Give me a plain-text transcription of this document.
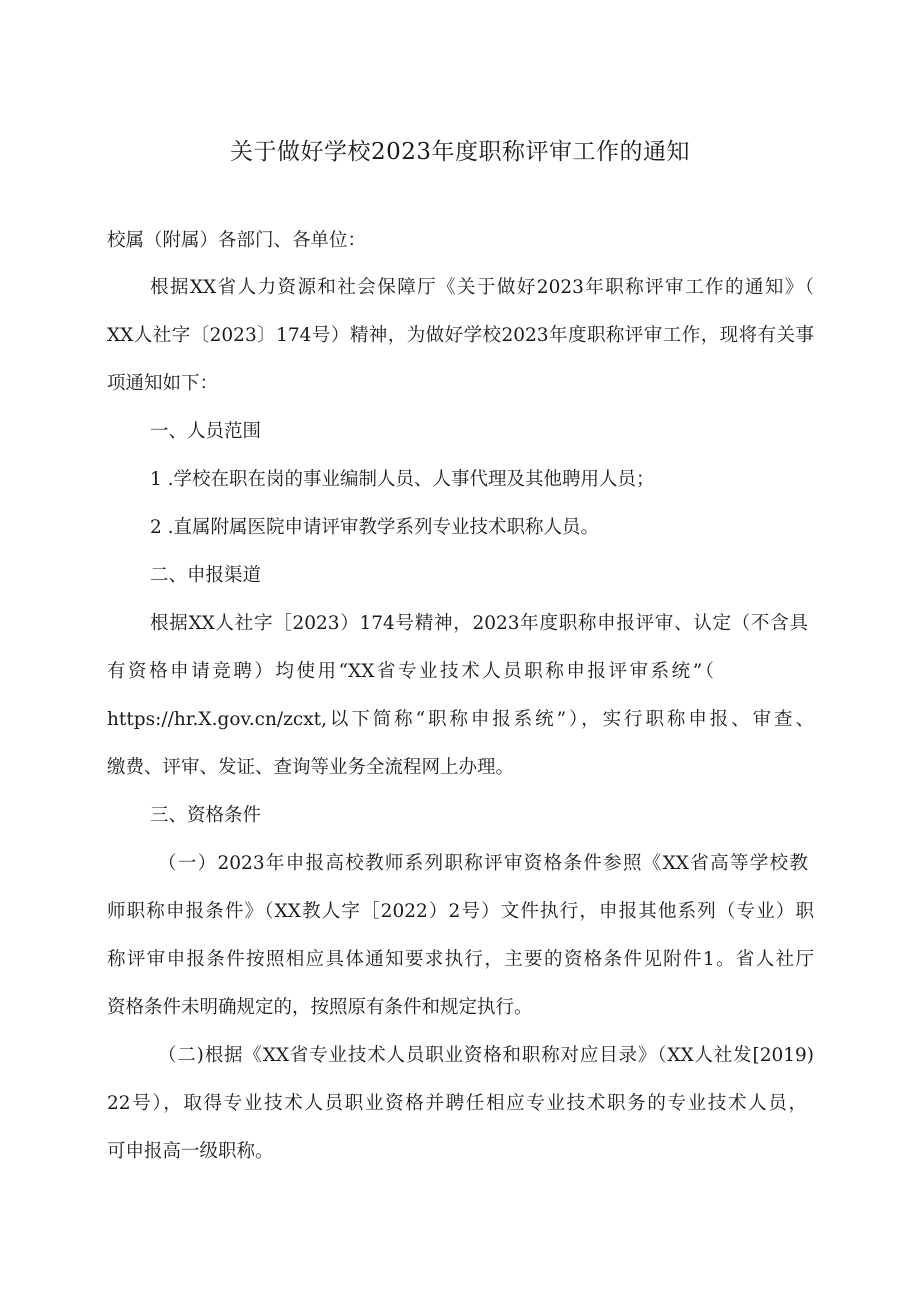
关于做好学校2023年度职称评审工作的通知
校属（附属）各部门、各单位：
根据XX省人力资源和社会保障厅《关于做好2023年职称评审工作的通知》（
XX人社字〔2023〕174号）精神，为做好学校2023年度职称评审工作，现将有关事
项通知如下：
一、人员范围
1 .学校在职在岗的事业编制人员、人事代理及其他聘用人员；
2 .直属附属医院申请评审教学系列专业技术职称人员。
二、申报渠道
根据XX人社字［2023）174号精神，2023年度职称申报评审、认定（不含具
有资格申请竞聘）均使用“XX省专业技术人员职称申报评审系统”（
https://hr.X.gov.cn/zcxt,以下简称“职称申报系统”），实行职称申报、审查、
缴费、评审、发证、查询等业务全流程网上办理。
三、资格条件
（一）2023年申报高校教师系列职称评审资格条件参照《XX省高等学校教
师职称申报条件》（XX教人字［2022）2号）文件执行，申报其他系列（专业）职
称评审申报条件按照相应具体通知要求执行，主要的资格条件见附件1。省人社厅
资格条件未明确规定的，按照原有条件和规定执行。
（二)根据《XX省专业技术人员职业资格和职称对应目录》（XX人社发[2019)
22号），取得专业技术人员职业资格并聘任相应专业技术职务的专业技术人员，
可申报高一级职称。
